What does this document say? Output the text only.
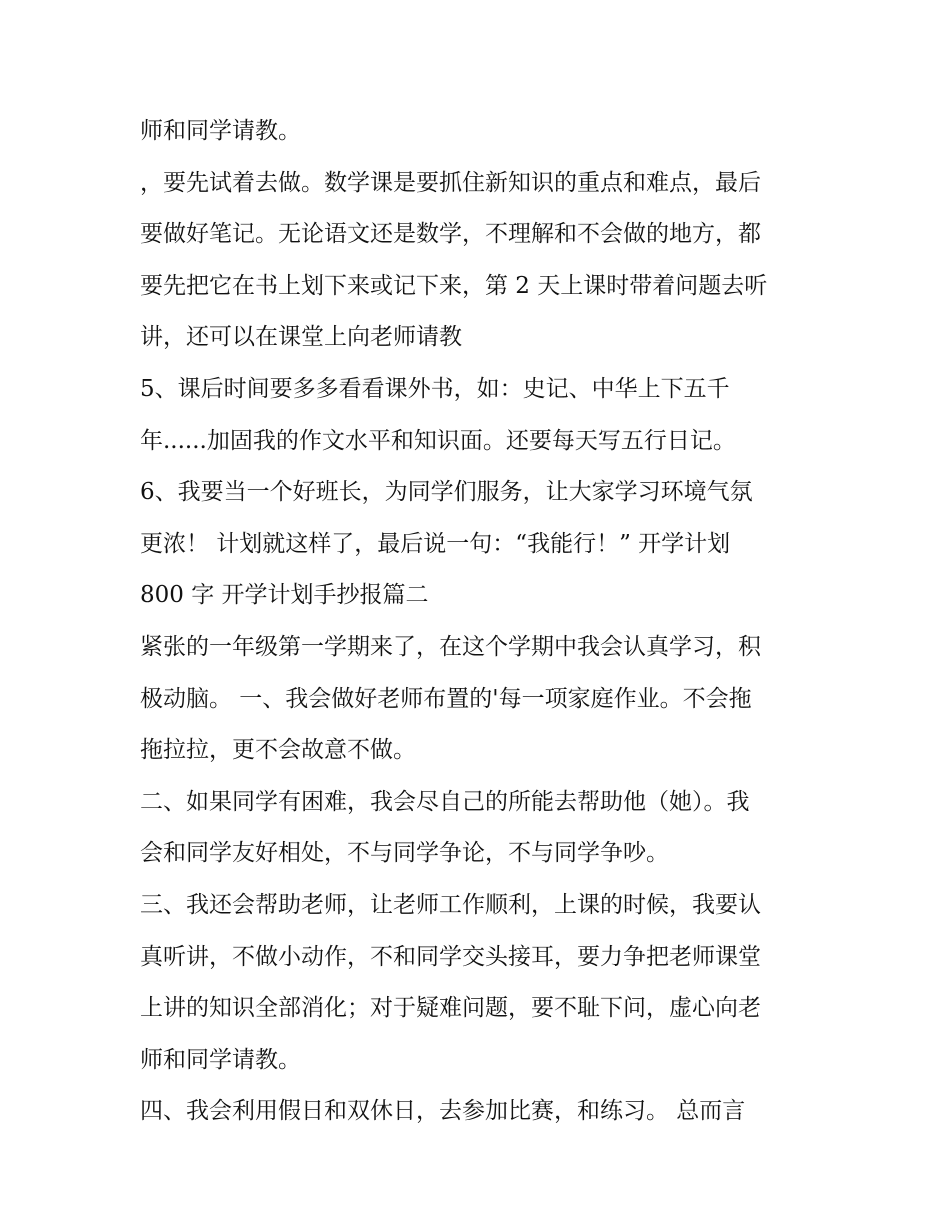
师和同学请教。
，要先试着去做。数学课是要抓住新知识的重点和难点，最后
要做好笔记。无论语文还是数学，不理解和不会做的地方，都
要先把它在书上划下来或记下来，第 2 天上课时带着问题去听
讲，还可以在课堂上向老师请教
5、课后时间要多多看看课外书，如：史记、中华上下五千
年......加固我的作文水平和知识面。还要每天写五行日记。
6、我要当一个好班长，为同学们服务，让大家学习环境气氛
更浓！ 计划就这样了，最后说一句：“我能行！” 开学计划
800 字 开学计划手抄报篇二
紧张的一年级第一学期来了，在这个学期中我会认真学习，积
极动脑。 一、我会做好老师布置的'每一项家庭作业。不会拖
拖拉拉，更不会故意不做。
二、如果同学有困难，我会尽自己的所能去帮助他（她）。我
会和同学友好相处，不与同学争论，不与同学争吵。
三、我还会帮助老师，让老师工作顺利，上课的时候，我要认
真听讲，不做小动作，不和同学交头接耳，要力争把老师课堂
上讲的知识全部消化；对于疑难问题，要不耻下问，虚心向老
师和同学请教。
四、我会利用假日和双休日，去参加比赛，和练习。 总而言
